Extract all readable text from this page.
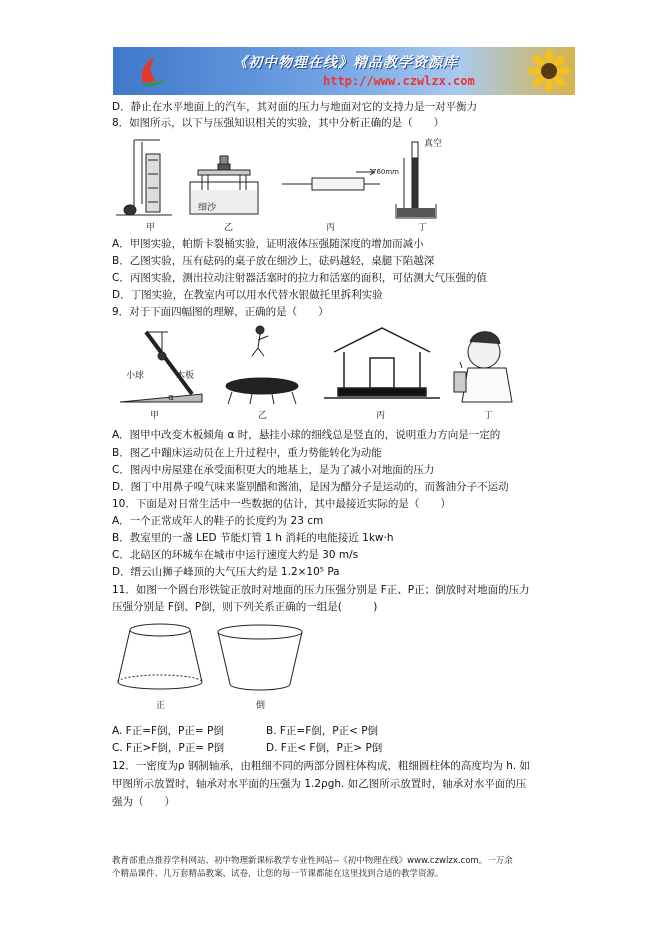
《初中物理在线》精品教学资源库
http://www.czwlzx.com
D．静止在水平地面上的汽车，其对面的压力与地面对它的支持力是一对平衡力
8．如图所示，以下与压强知识相关的实验，其中分析正确的是（　　）
甲
细沙
乙	丙
真空
760mm
丁
A．甲图实验，帕斯卡裂桶实验，证明液体压强随深度的增加而减小
B．乙图实验，压有砝码的桌子放在细沙上，砝码越轻，桌腿下陷越深
C．丙图实验，测出拉动注射器活塞时的拉力和活塞的面积，可估测大气压强的值
D．丁图实验，在教室内可以用水代替水银做托里拆利实验
9．对于下面四幅图的理解，正确的是（　　）
小球	木板
α
甲	乙	丙	丁
A．图甲中改变木板倾角 α 时，悬挂小球的细线总是竖直的，说明重力方向是一定的
B．图乙中蹦床运动员在上升过程中，重力势能转化为动能
C．图丙中房屋建在承受面积更大的地基上，是为了减小对地面的压力
D．图丁中用鼻子嗅气味来鉴别醋和酱油，是因为醋分子是运动的，而酱油分子不运动
10．下面是对日常生活中一些数据的估计，其中最接近实际的是（　　）
A．一个正常成年人的鞋子的长度约为 23 cm
B．教室里的一盏 LED 节能灯管 1 h 消耗的电能接近 1kw·h
C．北碚区的环城车在城市中运行速度大约是 30 m/s
D．缙云山狮子峰顶的大气压大约是 1.2×10⁵ Pa
11．如图一个圆台形铁锭正放时对地面的压力压强分别是 F正、P正；倒放时对地面的压力
压强分别是 F倒、P倒，则下列关系正确的一组是(　　　)
正	倒
A. F正=F倒，P正= P倒	B. F正=F倒，P正< P倒
C. F正>F倒，P正= P倒	D. F正< F倒，P正> P倒
12．一密度为ρ 钢制轴承，由粗细不同的两部分圆柱体构成，粗细圆柱体的高度均为 h. 如
甲图所示放置时，轴承对水平面的压强为 1.2ρgh. 如乙图所示放置时，轴承对水平面的压
强为（　　）
教育部重点推荐学科网站、初中物理新课标教学专业性网站--《初中物理在线》www.czwlzx.com。一万余
个精品课件、几万套精品教案、试卷，让您的每一节课都能在这里找到合适的教学资源。
